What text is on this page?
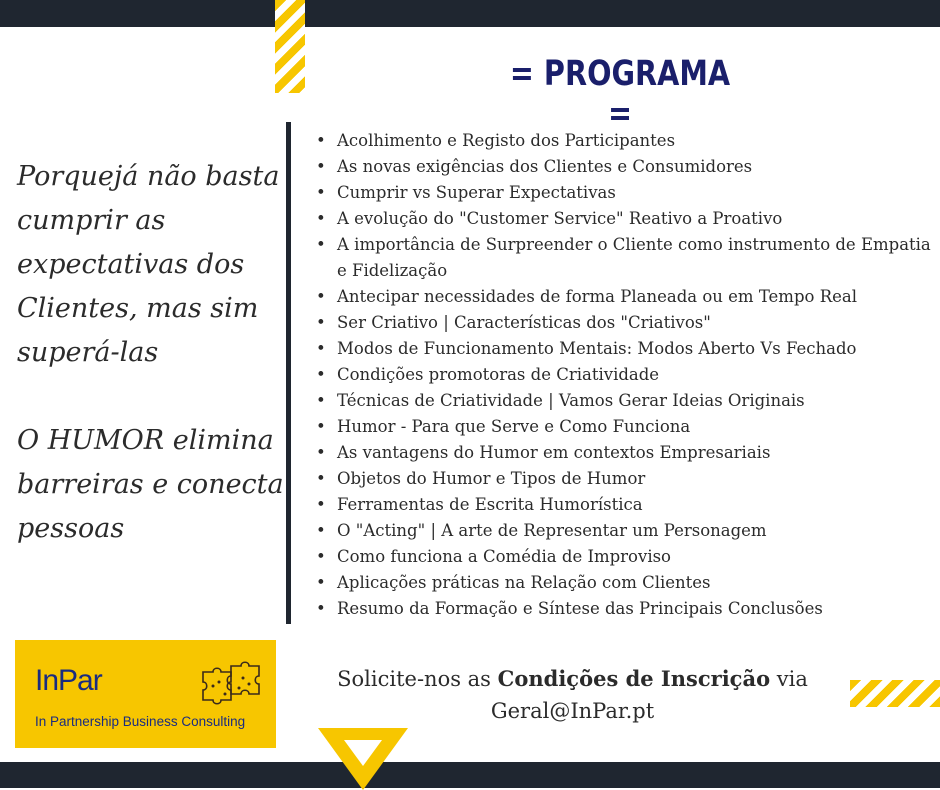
= PROGRAMA =

Porquejá não basta cumprir as expectativas dos Clientes, mas sim superá-las

O HUMOR elimina barreiras e conecta pessoas

• Acolhimento e Registo dos Participantes
• As novas exigências dos Clientes e Consumidores
• Cumprir vs Superar Expectativas
• A evolução do "Customer Service" Reativo a Proativo
• A importância de Surpreender o Cliente como instrumento de Empatia e Fidelização
• Antecipar necessidades de forma Planeada ou em Tempo Real
• Ser Criativo | Características dos "Criativos"
• Modos de Funcionamento Mentais: Modos Aberto Vs Fechado
• Condições promotoras de Criatividade
• Técnicas de Criatividade | Vamos Gerar Ideias Originais
• Humor - Para que Serve e Como Funciona
• As vantagens do Humor em contextos Empresariais
• Objetos do Humor e Tipos de Humor
• Ferramentas de Escrita Humorística
• O "Acting" | A arte de Representar um Personagem
• Como funciona a Comédia de Improviso
• Aplicações práticas na Relação com Clientes
• Resumo da Formação e Síntese das Principais Conclusões
InPar
In Partnership Business Consulting
Solicite-nos as Condições de Inscrição via
Geral@InPar.pt
